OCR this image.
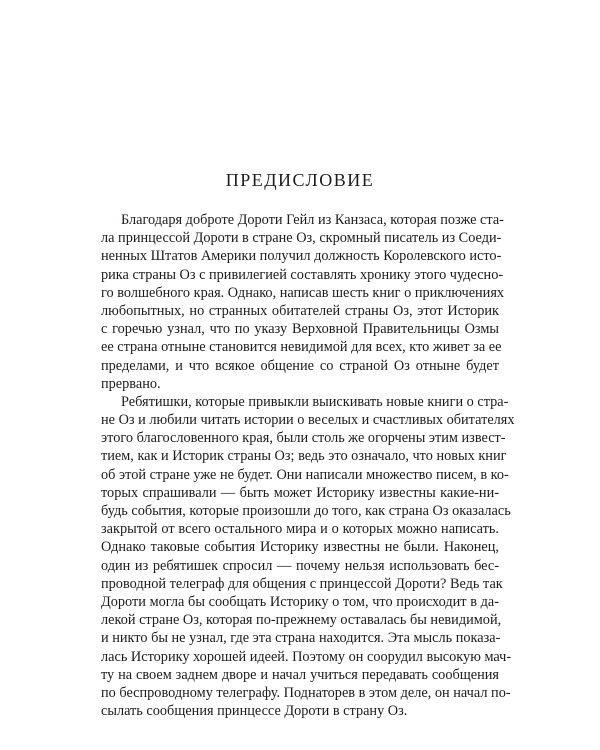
ПРЕДИСЛОВИЕ
Благодаря доброте Дороти Гейл из Канзаса, которая позже ста-
ла принцессой Дороти в стране Оз, скромный писатель из Соеди-
ненных Штатов Америки получил должность Королевского исто-
рика страны Оз с привилегией составлять хронику этого чудесно-
го волшебного края. Однако, написав шесть книг о приключениях
любопытных, но странных обитателей страны Оз, этот Историк
с горечью узнал, что по указу Верховной Правительницы Озмы
ее страна отныне становится невидимой для всех, кто живет за ее
пределами, и что всякое общение со страной Оз отныне будет
прервано.
Ребятишки, которые привыкли выискивать новые книги о стра-
не Оз и любили читать истории о веселых и счастливых обитателях
этого благословенного края, были столь же огорчены этим извест-
тием, как и Историк страны Оз; ведь это означало, что новых книг
об этой стране уже не будет. Они написали множество писем, в ко-
торых спрашивали — быть может Историку известны какие-ни-
будь события, которые произошли до того, как страна Оз оказалась
закрытой от всего остального мира и о которых можно написать.
Однако таковые события Историку известны не были. Наконец,
один из ребятишек спросил — почему нельзя использовать бес-
проводной телеграф для общения с принцессой Дороти? Ведь так
Дороти могла бы сообщать Историку о том, что происходит в да-
лекой стране Оз, которая по-прежнему оставалась бы невидимой,
и никто бы не узнал, где эта страна находится. Эта мысль показа-
лась Историку хорошей идеей. Поэтому он соорудил высокую мач-
ту на своем заднем дворе и начал учиться передавать сообщения
по беспроводному телеграфу. Поднаторев в этом деле, он начал по-
сылать сообщения принцессе Дороти в страну Оз.
